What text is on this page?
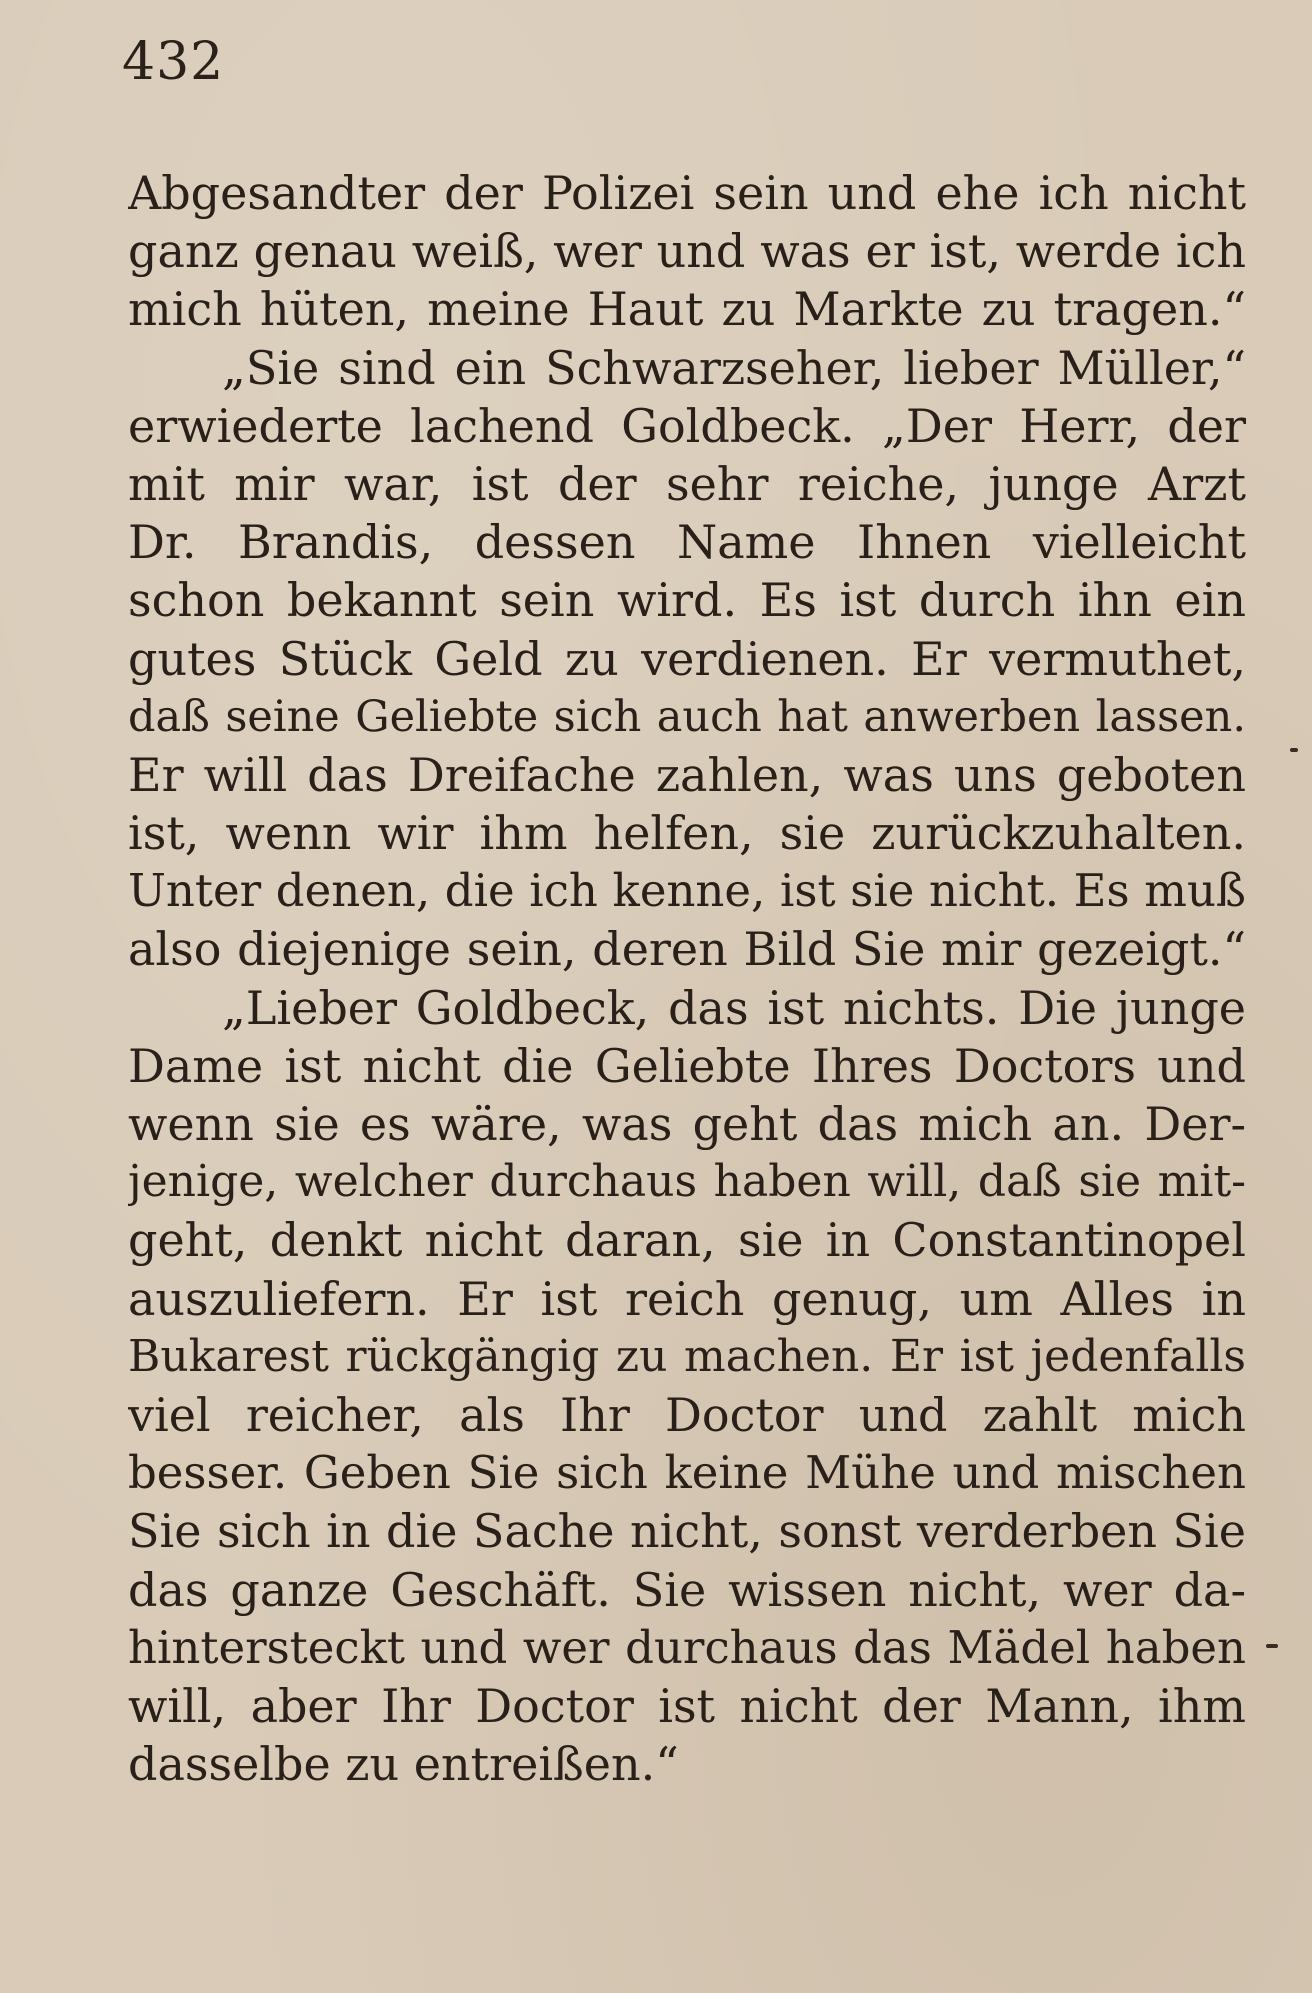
432
Abgesandter der Polizei sein und ehe ich nicht
ganz genau weiß, wer und was er ist, werde ich
mich hüten, meine Haut zu Markte zu tragen.“
„Sie sind ein Schwarzseher, lieber Müller,“
erwiederte lachend Goldbeck. „Der Herr, der
mit mir war, ist der sehr reiche, junge Arzt
Dr. Brandis, dessen Name Ihnen vielleicht
schon bekannt sein wird. Es ist durch ihn ein
gutes Stück Geld zu verdienen. Er vermuthet,
daß seine Geliebte sich auch hat anwerben lassen.
Er will das Dreifache zahlen, was uns geboten
ist, wenn wir ihm helfen, sie zurückzuhalten.
Unter denen, die ich kenne, ist sie nicht. Es muß
also diejenige sein, deren Bild Sie mir gezeigt.“
„Lieber Goldbeck, das ist nichts. Die junge
Dame ist nicht die Geliebte Ihres Doctors und
wenn sie es wäre, was geht das mich an. Der-
jenige, welcher durchaus haben will, daß sie mit-
geht, denkt nicht daran, sie in Constantinopel
auszuliefern. Er ist reich genug, um Alles in
Bukarest rückgängig zu machen. Er ist jedenfalls
viel reicher, als Ihr Doctor und zahlt mich
besser. Geben Sie sich keine Mühe und mischen
Sie sich in die Sache nicht, sonst verderben Sie
das ganze Geschäft. Sie wissen nicht, wer da-
hintersteckt und wer durchaus das Mädel haben
will, aber Ihr Doctor ist nicht der Mann, ihm
dasselbe zu entreißen.“
